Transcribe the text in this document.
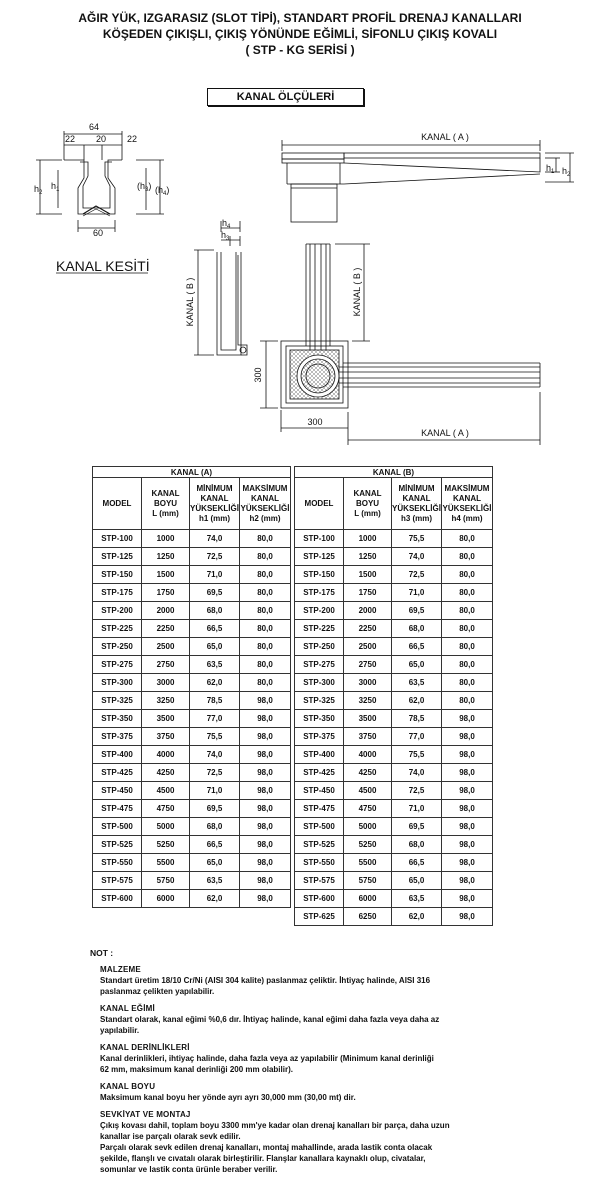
AĞIR YÜK, IZGARASIZ (SLOT TİPİ), STANDART PROFİL DRENAJ KANALLARI
KÖŞEDEN ÇIKIŞLI, ÇIKIŞ YÖNÜNDE EĞİMLİ, SİFONLU ÇIKIŞ KOVALI
( STP - KG SERİSİ )
KANAL ÖLÇÜLERİ
64
22 20 22
60
$h_2$
$h_1$	$(h_3)$ $(h_4)$
KANAL KESİTİ
KANAL ( A )
$h_1$ $h_2$
$h_4$
$h_3$
KANAL ( B )
300
300
KANAL ( A )
KANAL ( B )
KANAL (A)					KANAL (B)			
MODEL	KANAL
BOYU
L (mm)	MİNİMUM
KANAL
YÜKSEKLİĞİ
h1 (mm)	MAKSİMUM
KANAL
YÜKSEKLİĞİ
h2 (mm)		MODEL	KANAL
BOYU
L (mm)	MİNİMUM
KANAL
YÜKSEKLİĞİ
h3 (mm)	MAKSİMUM
KANAL
YÜKSEKLİĞİ
h4 (mm)
STP-100	1000	74,0	80,0		STP-100	1000	75,5	80,0
STP-125	1250	72,5	80,0		STP-125	1250	74,0	80,0
STP-150	1500	71,0	80,0		STP-150	1500	72,5	80,0
STP-175	1750	69,5	80,0		STP-175	1750	71,0	80,0
STP-200	2000	68,0	80,0		STP-200	2000	69,5	80,0
STP-225	2250	66,5	80,0		STP-225	2250	68,0	80,0
STP-250	2500	65,0	80,0		STP-250	2500	66,5	80,0
STP-275	2750	63,5	80,0		STP-275	2750	65,0	80,0
STP-300	3000	62,0	80,0		STP-300	3000	63,5	80,0
STP-325	3250	78,5	98,0		STP-325	3250	62,0	80,0
STP-350	3500	77,0	98,0		STP-350	3500	78,5	98,0
STP-375	3750	75,5	98,0		STP-375	3750	77,0	98,0
STP-400	4000	74,0	98,0		STP-400	4000	75,5	98,0
STP-425	4250	72,5	98,0		STP-425	4250	74,0	98,0
STP-450	4500	71,0	98,0		STP-450	4500	72,5	98,0
STP-475	4750	69,5	98,0		STP-475	4750	71,0	98,0
STP-500	5000	68,0	98,0		STP-500	5000	69,5	98,0
STP-525	5250	66,5	98,0		STP-525	5250	68,0	98,0
STP-550	5500	65,0	98,0		STP-550	5500	66,5	98,0
STP-575	5750	63,5	98,0		STP-575	5750	65,0	98,0
STP-600	6000	62,0	98,0		STP-600	6000	63,5	98,0
					STP-625	6250	62,0	98,0
NOT :
MALZEME
Standart üretim 18/10 Cr/Ni (AISI 304 kalite) paslanmaz çeliktir. İhtiyaç halinde, AISI 316
paslanmaz çelikten yapılabilir.
KANAL EĞİMİ
Standart olarak, kanal eğimi %0,6 dır. İhtiyaç halinde, kanal eğimi daha fazla veya daha az
yapılabilir.
KANAL DERİNLİKLERİ
Kanal derinlikleri, ihtiyaç halinde, daha fazla veya az yapılabilir (Minimum kanal derinliği
62 mm, maksimum kanal derinliği 200 mm olabilir).
KANAL BOYU
Maksimum kanal boyu her yönde ayrı ayrı 30,000 mm (30,00 mt) dir.
SEVKİYAT VE MONTAJ
Çıkış kovası dahil, toplam boyu 3300 mm'ye kadar olan drenaj kanalları bir parça, daha uzun
kanallar ise parçalı olarak sevk edilir.
Parçalı olarak sevk edilen drenaj kanalları, montaj mahallinde, arada lastik conta olacak
şekilde, flanşlı ve cıvatalı olarak birleştirilir. Flanşlar kanallara kaynaklı olup, civatalar,
somunlar ve lastik conta ürünle beraber verilir.
